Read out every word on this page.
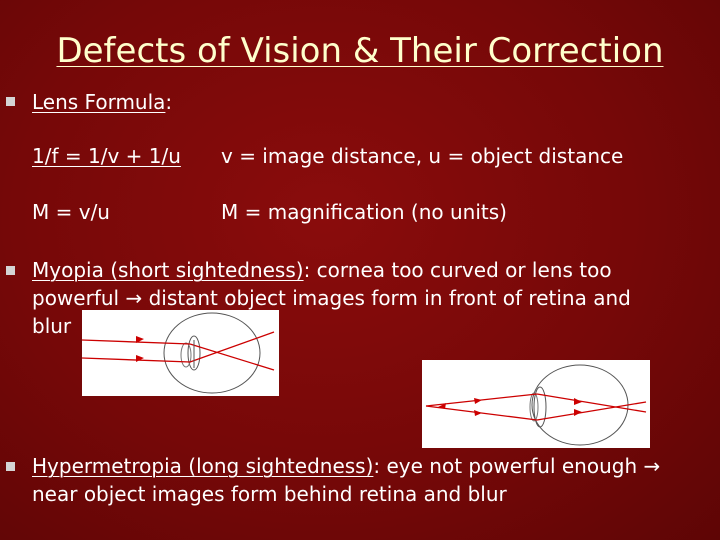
Defects of Vision & Their Correction
Lens Formula:
1/f = 1/v + 1/u v = image distance, u = object distance
M = v/u	M = magnification (no units)
Myopia (short sightedness): cornea too curved or lens too
powerful → distant object images form in front of retina and
blur
Hypermetropia (long sightedness): eye not powerful enough →
near object images form behind retina and blur
